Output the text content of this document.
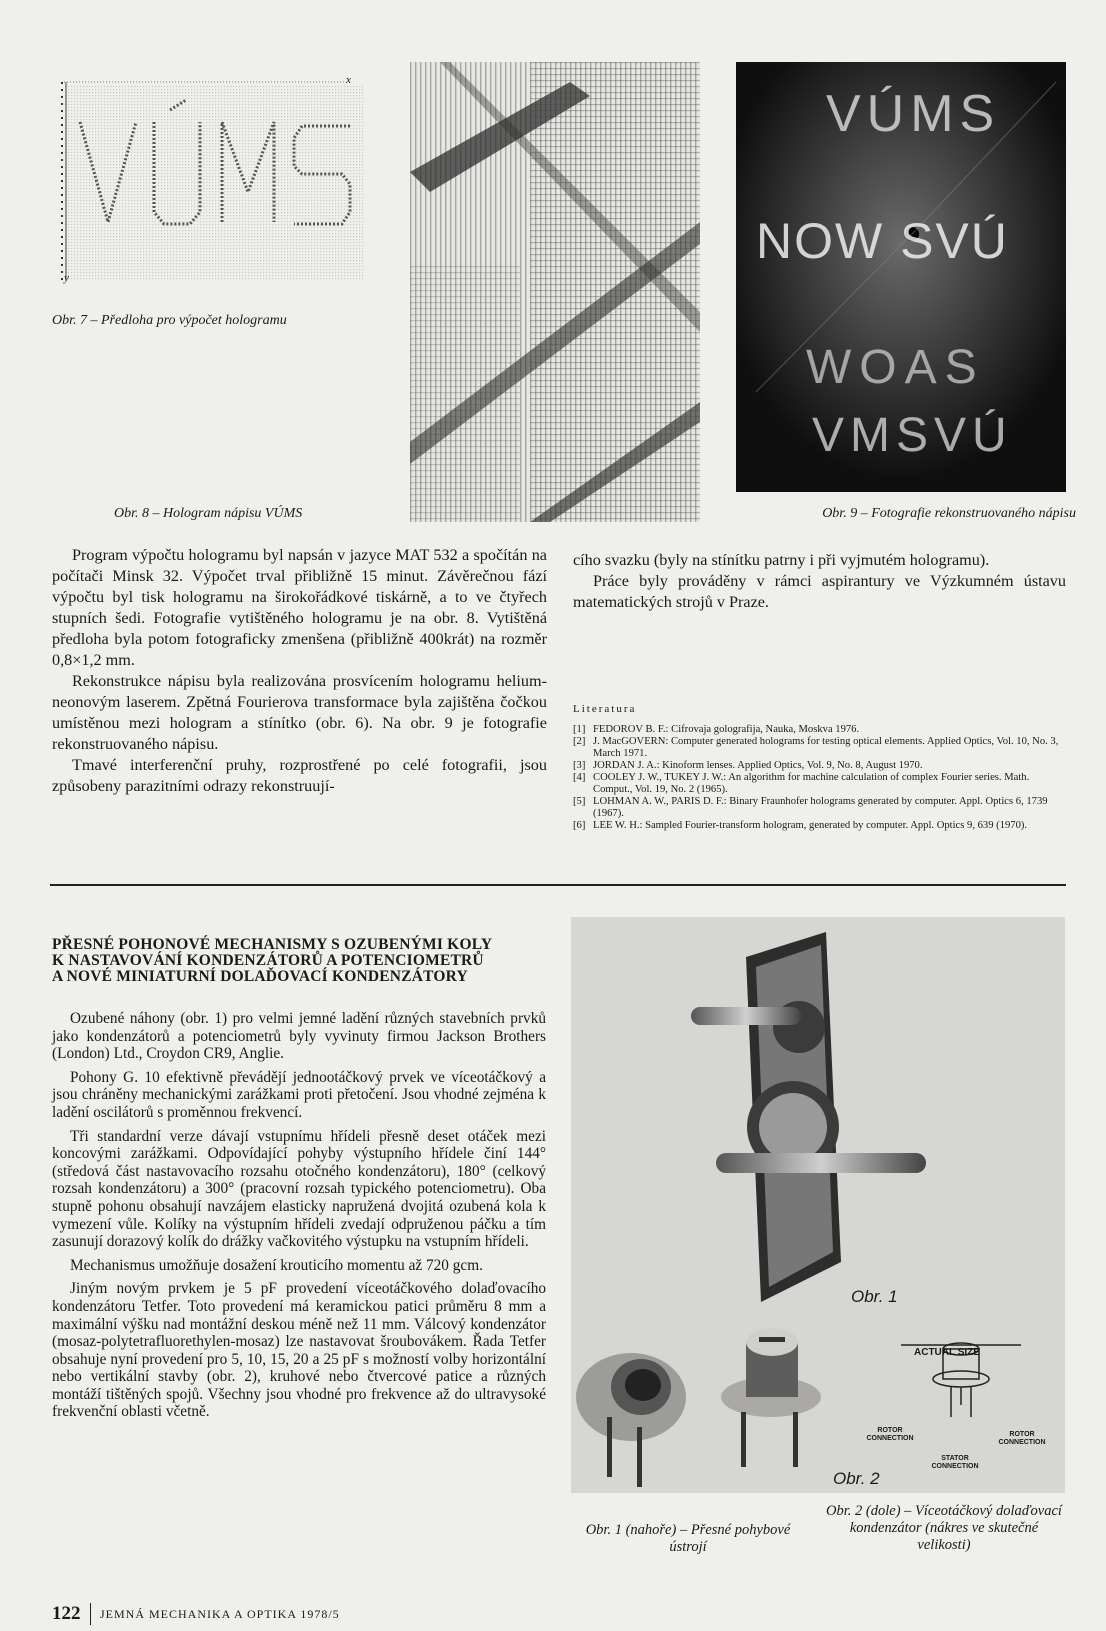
x
y
Obr. 7 – Předloha pro výpočet hologramu
Obr. 8 – Hologram nápisu VÚMS
VÚMS
NOW SVÚ
WOAS
VMSVÚ
Obr. 9 – Fotografie rekonstruovaného nápisu

Program výpočtu hologramu byl napsán v jazyce MAT 532 a spočítán na počítači Minsk 32. Výpočet trval přibližně 15 minut. Závěrečnou fází výpočtu byl tisk hologramu na širokořádkové tiskárně, a to ve čtyřech stupních šedi. Fotografie vytištěného hologramu je na obr. 8. Vytištěná předloha byla potom fotograficky zmenšena (přibližně 400krát) na rozměr 0,8×1,2 mm.

Rekonstrukce nápisu byla realizována prosvícením hologramu helium-neonovým laserem. Zpětná Fourierova transformace byla zajištěna čočkou umístěnou mezi hologram a stínítko (obr. 6). Na obr. 9 je fotografie rekonstruovaného nápisu.

Tmavé interferenční pruhy, rozprostřené po celé fotografii, jsou způsobeny parazitními odrazy rekonstruují-

cího svazku (byly na stínítku patrny i při vyjmutém hologramu).

Práce byly prováděny v rámci aspirantury ve Výzkumném ústavu matematických strojů v Praze.

Literatura
[1] FEDOROV B. F.: Cifrovaja golografija, Nauka, Moskva 1976.
[2] J. MacGOVERN: Computer generated holograms for testing optical elements. Applied Optics, Vol. 10, No. 3, March 1971.
[3] JORDAN J. A.: Kinoform lenses. Applied Optics, Vol. 9, No. 8, August 1970.
[4] COOLEY J. W., TUKEY J. W.: An algorithm for machine calculation of complex Fourier series. Math. Comput., Vol. 19, No. 2 (1965).
[5] LOHMAN A. W., PARIS D. F.: Binary Fraunhofer holograms generated by computer. Appl. Optics 6, 1739 (1967).
[6] LEE W. H.: Sampled Fourier-transform hologram, generated by computer. Appl. Optics 9, 639 (1970).
PŘESNÉ POHONOVÉ MECHANISMY S OZUBENÝMI KOLY
K NASTAVOVÁNÍ KONDENZÁTORŮ A POTENCIOMETRŮ
A NOVÉ MINIATURNÍ DOLAĎOVACÍ KONDENZÁTORY

Ozubené náhony (obr. 1) pro velmi jemné ladění různých stavebních prvků jako kondenzátorů a potenciometrů byly vyvinuty firmou Jackson Brothers (London) Ltd., Croydon CR9, Anglie.

Pohony G. 10 efektivně převádějí jednootáčkový prvek ve víceotáčkový a jsou chráněny mechanickými zarážkami proti přetočení. Jsou vhodné zejména k ladění oscilátorů s proměnnou frekvencí.

Tři standardní verze dávají vstupnímu hřídeli přesně deset otáček mezi koncovými zarážkami. Odpovídající pohyby výstupního hřídele činí 144° (středová část nastavovacího rozsahu otočného kondenzátoru), 180° (celkový rozsah kondenzátoru) a 300° (pracovní rozsah typického potenciometru). Oba stupně pohonu obsahují navzájem elasticky napružená dvojitá ozubená kola k vymezení vůle. Kolíky na výstupním hřídeli zvedají odpruženou páčku a tím zasunují dorazový kolík do drážky vačkovitého výstupku na vstupním hřídeli.

Mechanismus umožňuje dosažení krouticího momentu až 720 gcm.

Jiným novým prvkem je 5 pF provedení víceotáčkového dolaďovacího kondenzátoru Tetfer. Toto provedení má keramickou patici průměru 8 mm a maximální výšku nad montážní deskou méně než 11 mm. Válcový kondenzátor (mosaz-polytetrafluorethylen-mosaz) lze nastavovat šroubovákem. Řada Tetfer obsahuje nyní provedení pro 5, 10, 15, 20 a 25 pF s možností volby horizontální nebo vertikální stavby (obr. 2), kruhové nebo čtvercové patice a různých montáží tištěných spojů. Všechny jsou vhodné pro frekvence až do ultravysoké frekvenční oblasti včetně.

Obr. 1
ACTUAL SIZE
ROTOR CONNECTION
ROTOR CONNECTION
STATOR CONNECTION
Obr. 2
Obr. 1 (nahoře) – Přesné pohybové ústrojí
Obr. 2 (dole) – Víceotáčkový dolaďovací kondenzátor (nákres ve skutečné velikosti)
122 JEMNÁ MECHANIKA A OPTIKA 1978/5
